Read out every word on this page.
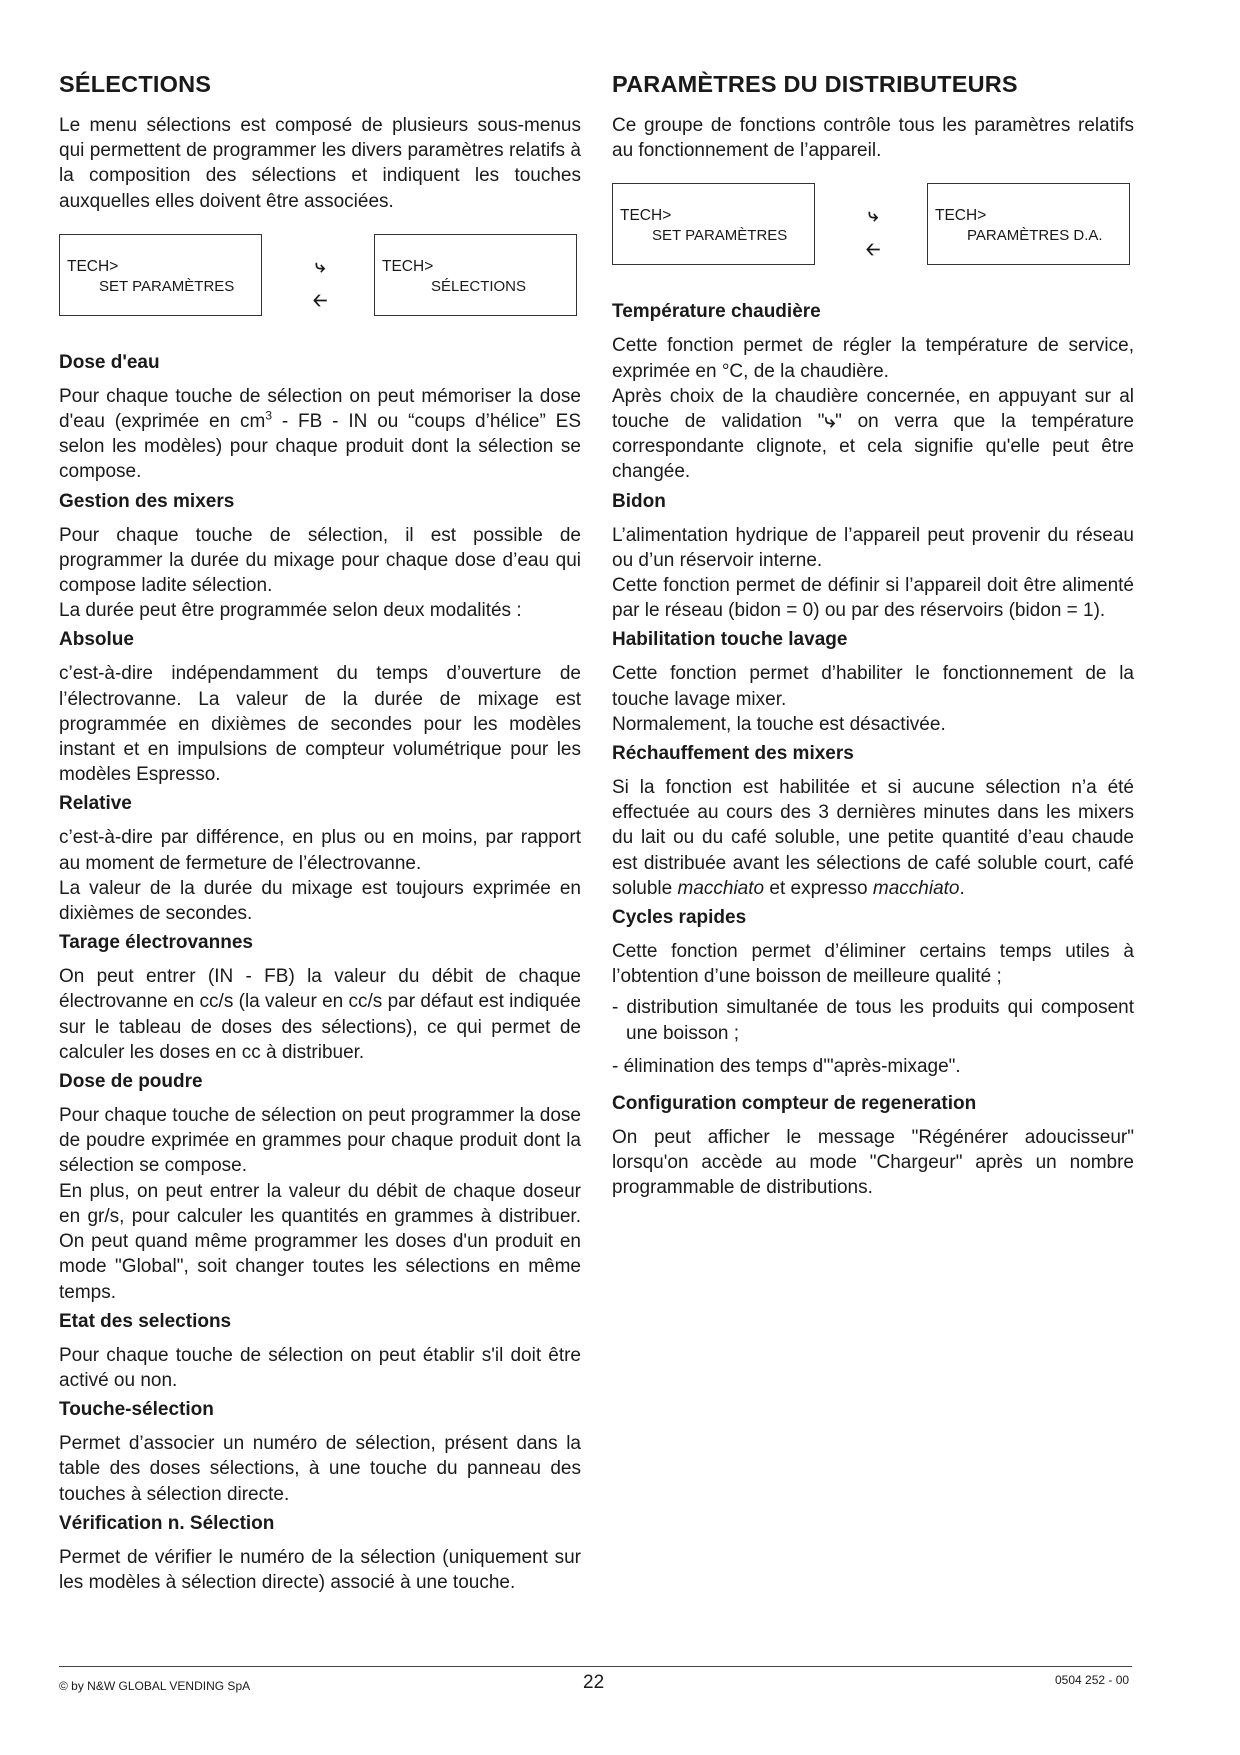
SÉLECTIONS

Le menu sélections est composé de plusieurs sous-menus qui permettent de programmer les divers paramètres relatifs à la composition des sélections et indiquent les touches auxquelles elles doivent être associées.

TECH>
SET PARAMÈTRES
⤷
🡠
TECH>
SÉLECTIONS
Dose d'eau

Pour chaque touche de sélection on peut mémoriser la dose d'eau (exprimée en $cm^3$ - FB - IN ou “coups d’hélice” ES selon les modèles) pour chaque produit dont la sélection se compose.

Gestion des mixers

Pour chaque touche de sélection, il est possible de programmer la durée du mixage pour chaque dose d’eau qui compose ladite sélection.

La durée peut être programmée selon deux modalités :

Absolue

c’est-à-dire indépendamment du temps d’ouverture de l’électrovanne. La valeur de la durée de mixage est programmée en dixièmes de secondes pour les modèles instant et en impulsions de compteur volumétrique pour les modèles Espresso.

Relative

c’est-à-dire par différence, en plus ou en moins, par rapport au moment de fermeture de l’électrovanne.

La valeur de la durée du mixage est toujours exprimée en dixièmes de secondes.

Tarage électrovannes

On peut entrer (IN - FB) la valeur du débit de chaque électrovanne en cc/s (la valeur en cc/s par défaut est indiquée sur le tableau de doses des sélections), ce qui permet de calculer les doses en cc à distribuer.

Dose de poudre

Pour chaque touche de sélection on peut programmer la dose de poudre exprimée en grammes pour chaque produit dont la sélection se compose.

En plus, on peut entrer la valeur du débit de chaque doseur en gr/s, pour calculer les quantités en grammes à distribuer. On peut quand même programmer les doses d'un produit en mode "Global", soit changer toutes les sélections en même temps.

Etat des selections

Pour chaque touche de sélection on peut établir s'il doit être activé ou non.

Touche-sélection

Permet d’associer un numéro de sélection, présent dans la table des doses sélections, à une touche du panneau des touches à sélection directe.

Vérification n. Sélection

Permet de vérifier le numéro de la sélection (uniquement sur les modèles à sélection directe) associé à une touche.

PARAMÈTRES DU DISTRIBUTEURS

Ce groupe de fonctions contrôle tous les paramètres relatifs au fonctionnement de l’appareil.

TECH>
SET PARAMÈTRES
⤷
🡠
TECH>
PARAMÈTRES D.A.
Température chaudière

Cette fonction permet de régler la température de service, exprimée en °C, de la chaudière.

Après choix de la chaudière concernée, en appuyant sur al touche de validation "⤷" on verra que la température correspondante clignote, et cela signifie qu'elle peut être changée.

Bidon

L’alimentation hydrique de l’appareil peut provenir du réseau ou d’un réservoir interne.

Cette fonction permet de définir si l’appareil doit être alimenté par le réseau (bidon = 0) ou par des réservoirs (bidon = 1).

Habilitation touche lavage

Cette fonction permet d’habiliter le fonctionnement de la touche lavage mixer.

Normalement, la touche est désactivée.

Réchauffement des mixers

Si la fonction est habilitée et si aucune sélection n’a été effectuée au cours des 3 dernières minutes dans les mixers du lait ou du café soluble, une petite quantité d’eau chaude est distribuée avant les sélections de café soluble court, café soluble macchiato et expresso macchiato.

Cycles rapides

Cette fonction permet d’éliminer certains temps utiles à l’obtention d’une boisson de meilleure qualité ;

- distribution simultanée de tous les produits qui composent une boisson ;

- élimination des temps d'"après-mixage".

Configuration compteur de regeneration

On peut afficher le message "Régénérer adoucisseur" lorsqu'on accède au mode "Chargeur" après un nombre programmable de distributions.

© by N&W GLOBAL VENDING SpA	22	0504 252 - 00
